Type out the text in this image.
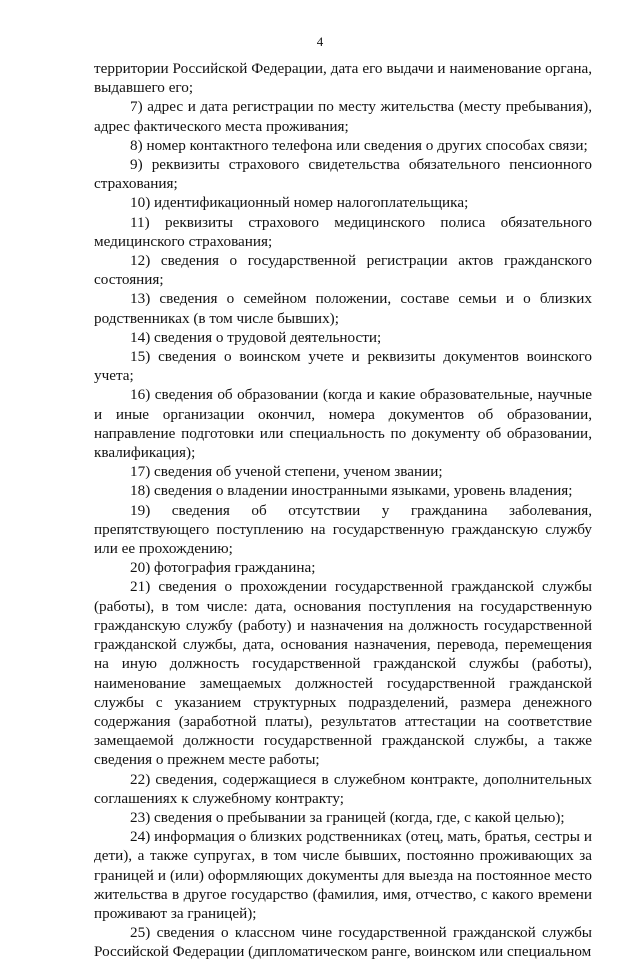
4

территории Российской Федерации, дата его выдачи и наименование органа, выдавшего его;

7) адрес и дата регистрации по месту жительства (месту пребывания), адрес фактического места проживания;

8) номер контактного телефона или сведения о других способах связи;

9) реквизиты страхового свидетельства обязательного пенсионного страхования;

10) идентификационный номер налогоплательщика;

11) реквизиты страхового медицинского полиса обязательного медицинского страхования;

12) сведения о государственной регистрации актов гражданского состояния;

13) сведения о семейном положении, составе семьи и о близких родственниках (в том числе бывших);

14) сведения о трудовой деятельности;

15) сведения о воинском учете и реквизиты документов воинского учета;

16) сведения об образовании (когда и какие образовательные, научные и иные организации окончил, номера документов об образовании, направление подготовки или специальность по документу об образовании, квалификация);

17) сведения об ученой степени, ученом звании;

18) сведения о владении иностранными языками, уровень владения;

19) сведения об отсутствии у гражданина заболевания, препятствующего поступлению на государственную гражданскую службу или ее прохождению;

20) фотография гражданина;

21) сведения о прохождении государственной гражданской службы (работы), в том числе: дата, основания поступления на государственную гражданскую службу (работу) и назначения на должность государственной гражданской службы, дата, основания назначения, перевода, перемещения на иную должность государственной гражданской службы (работы), наименование замещаемых должностей государственной гражданской службы с указанием структурных подразделений, размера денежного содержания (заработной платы), результатов аттестации на соответствие замещаемой должности государственной гражданской службы, а также сведения о прежнем месте работы;

22) сведения, содержащиеся в служебном контракте, дополнительных соглашениях к служебному контракту;

23) сведения о пребывании за границей (когда, где, с какой целью);

24) информация о близких родственниках (отец, мать, братья, сестры и дети), а также супругах, в том числе бывших, постоянно проживающих за границей и (или) оформляющих документы для выезда на постоянное место жительства в другое государство (фамилия, имя, отчество, с какого времени проживают за границей);

25) сведения о классном чине государственной гражданской службы Российской Федерации (дипломатическом ранге, воинском или специальном
